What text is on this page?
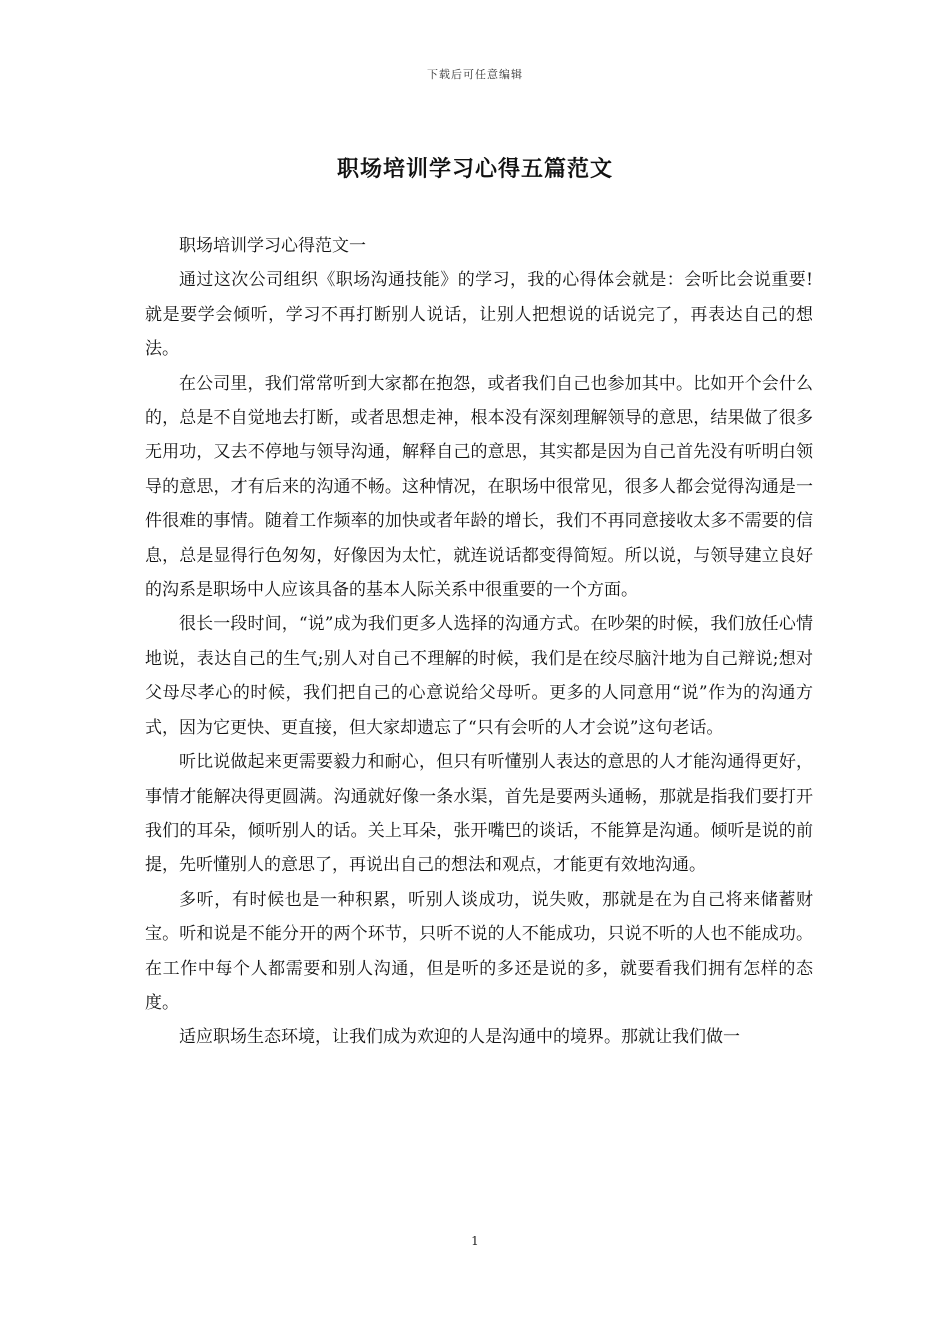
下载后可任意编辑
职场培训学习心得五篇范文

职场培训学习心得范文一

通过这次公司组织《职场沟通技能》的学习，我的心得体会就是：会听比会说重要!就是要学会倾听，学习不再打断别人说话，让别人把想说的话说完了，再表达自己的想法。

在公司里，我们常常听到大家都在抱怨，或者我们自己也参加其中。比如开个会什么的，总是不自觉地去打断，或者思想走神，根本没有深刻理解领导的意思，结果做了很多无用功，又去不停地与领导沟通，解释自己的意思，其实都是因为自己首先没有听明白领导的意思，才有后来的沟通不畅。这种情况，在职场中很常见，很多人都会觉得沟通是一件很难的事情。随着工作频率的加快或者年龄的增长，我们不再同意接收太多不需要的信息，总是显得行色匆匆，好像因为太忙，就连说话都变得简短。所以说，与领导建立良好的沟系是职场中人应该具备的基本人际关系中很重要的一个方面。

很长一段时间，“说”成为我们更多人选择的沟通方式。在吵架的时候，我们放任心情地说，表达自己的生气;别人对自己不理解的时候，我们是在绞尽脑汁地为自己辩说;想对父母尽孝心的时候，我们把自己的心意说给父母听。更多的人同意用“说”作为的沟通方式，因为它更快、更直接，但大家却遗忘了“只有会听的人才会说”这句老话。

听比说做起来更需要毅力和耐心，但只有听懂别人表达的意思的人才能沟通得更好，事情才能解决得更圆满。沟通就好像一条水渠，首先是要两头通畅，那就是指我们要打开我们的耳朵，倾听别人的话。关上耳朵，张开嘴巴的谈话，不能算是沟通。倾听是说的前提，先听懂别人的意思了，再说出自己的想法和观点，才能更有效地沟通。

多听，有时候也是一种积累，听别人谈成功，说失败，那就是在为自己将来储蓄财宝。听和说是不能分开的两个环节，只听不说的人不能成功，只说不听的人也不能成功。在工作中每个人都需要和别人沟通，但是听的多还是说的多，就要看我们拥有怎样的态度。

适应职场生态环境，让我们成为欢迎的人是沟通中的境界。那就让我们做一

1
